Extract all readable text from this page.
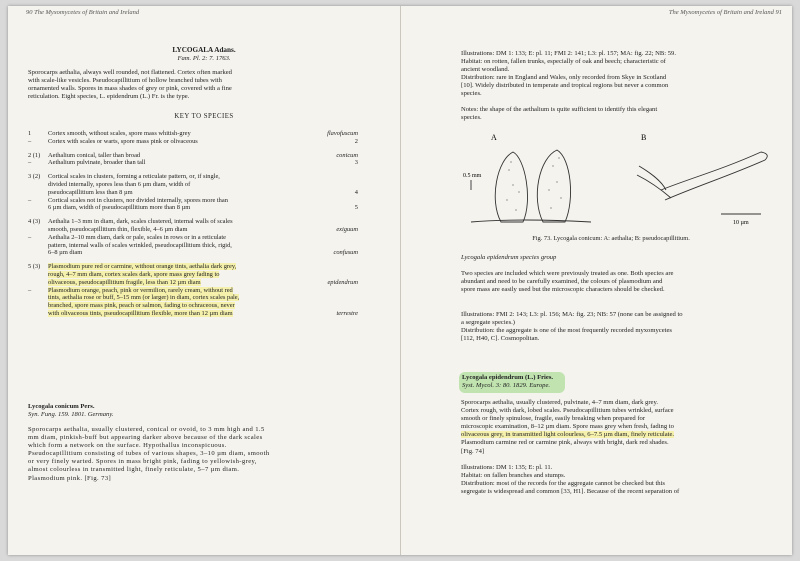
90 The Myxomycetes of Britain and Ireland
LYCOGALA Adans.
Fam. Pl. 2: 7. 1763.
Sporocarps aethalia, always well rounded, not flattened. Cortex often marked
with scale-like vesicles. Pseudocapillitium of hollow branched tubes with
ornamented walls. Spores in mass shades of grey or pink, covered with a fine
reticulation. Eight species, L. epidendrum (L.) Fr. is the type.
KEY TO SPECIES
1	Cortex smooth, without scales, spore mass whitish-grey	flavofuscum
–	Cortex with scales or warts, spore mass pink or olivaceous	2
2 (1)	Aethalium conical, taller than broad	conicum
–	Aethalium pulvinate, broader than tall	3
3 (2)	Cortical scales in clusters, forming a reticulate pattern, or, if single,
divided internally, spores less than 6 µm diam, width of
pseudocapillitium less than 8 µm	4
–	Cortical scales not in clusters, nor divided internally, spores more than
6 µm diam, width of pseudocapillitium more than 8 µm	5
4 (3)	Aethalia 1–3 mm in diam, dark, scales clustered, internal walls of scales
smooth, pseudocapillitium thin, flexible, 4–6 µm diam	exiguum
–	Aethalia 2–10 mm diam, dark or pale, scales in rows or in a reticulate
pattern, internal walls of scales wrinkled, pseudocapillitium thick, rigid,
6–8 µm diam	confusum
5 (3)	Plasmodium pure red or carmine, without orange tints, aethalia dark grey,
rough, 4–7 mm diam, cortex scales dark, spore mass grey fading to
olivaceous, pseudocapillitium fragile, less than 12 µm diam	epidendrum
–	Plasmodium orange, peach, pink or vermilion, rarely cream, without red
tints, aethalia rose or buff, 5–15 mm (or larger) in diam, cortex scales pale,
branched, spore mass pink, peach or salmon, fading to ochraceous, never
with olivaceous tints, pseudocapillitium flexible, more than 12 µm diam	terrestre
Lycogala conicum Pers.
Syn. Fung. 159. 1801. Germany.
Sporocarps aethalia, usually clustered, conical or ovoid, to 3 mm high and 1.5
mm diam, pinkish-buff but appearing darker above because of the dark scales
which form a network on the surface. Hypothallus inconspicuous.
Pseudocapillitium consisting of tubes of various shapes, 3–10 µm diam, smooth
or very finely warted. Spores in mass bright pink, fading to yellowish-grey,
almost colourless in transmitted light, finely reticulate, 5–7 µm diam.
Plasmodium pink. [Fig. 73]
The Myxomycetes of Britain and Ireland 91
Illustrations: DM 1: 133; E: pl. 11; FMI 2: 141; L3: pl. 157; MA: fig. 22; NB: 59.
Habitat: on rotten, fallen trunks, especially of oak and beech; characteristic of
ancient woodland.
Distribution: rare in England and Wales, only recorded from Skye in Scotland
[10]. Widely distributed in temperate and tropical regions but never a common
species.
Notes: the shape of the aethalium is quite sufficient to identify this elegant
species.
A	B
0.5 mm
10 µm
Fig. 73. Lycogala conicum: A: aethalia; B: pseudocapillitium.
Lycogala epidendrum species group
Two species are included which were previously treated as one. Both species are
abundant and need to be carefully examined, the colours of plasmodium and
spore mass are easily used but the microscopic characters should be checked.
Illustrations: FMI 2: 143; L3: pl. 156; MA: fig. 23; NB: 57 (none can be assigned to
a segregate species.)
Distribution: the aggregate is one of the most frequently recorded myxomycetes
[112, H40, C]. Cosmopolitan.
Lycogala epidendrum (L.) Fries.
Syst. Mycol. 3: 80. 1829. Europe.
Sporocarps aethalia, usually clustered, pulvinate, 4–7 mm diam, dark grey.
Cortex rough, with dark, lobed scales. Pseudocapillitium tubes wrinkled, surface
smooth or finely spinulose, fragile, easily breaking when prepared for
microscopic examination, 8–12 µm diam. Spore mass grey when fresh, fading to
olivaceous grey, in transmitted light colourless, 6–7.5 µm diam, finely reticulate.
Plasmodium carmine red or carmine pink, always with bright, dark red shades.
[Fig. 74]
Illustrations: DM 1: 135; E: pl. 11.
Habitat: on fallen branches and stumps.
Distribution: most of the records for the aggregate cannot be checked but this
segregate is widespread and common [33, H1]. Because of the recent separation of
